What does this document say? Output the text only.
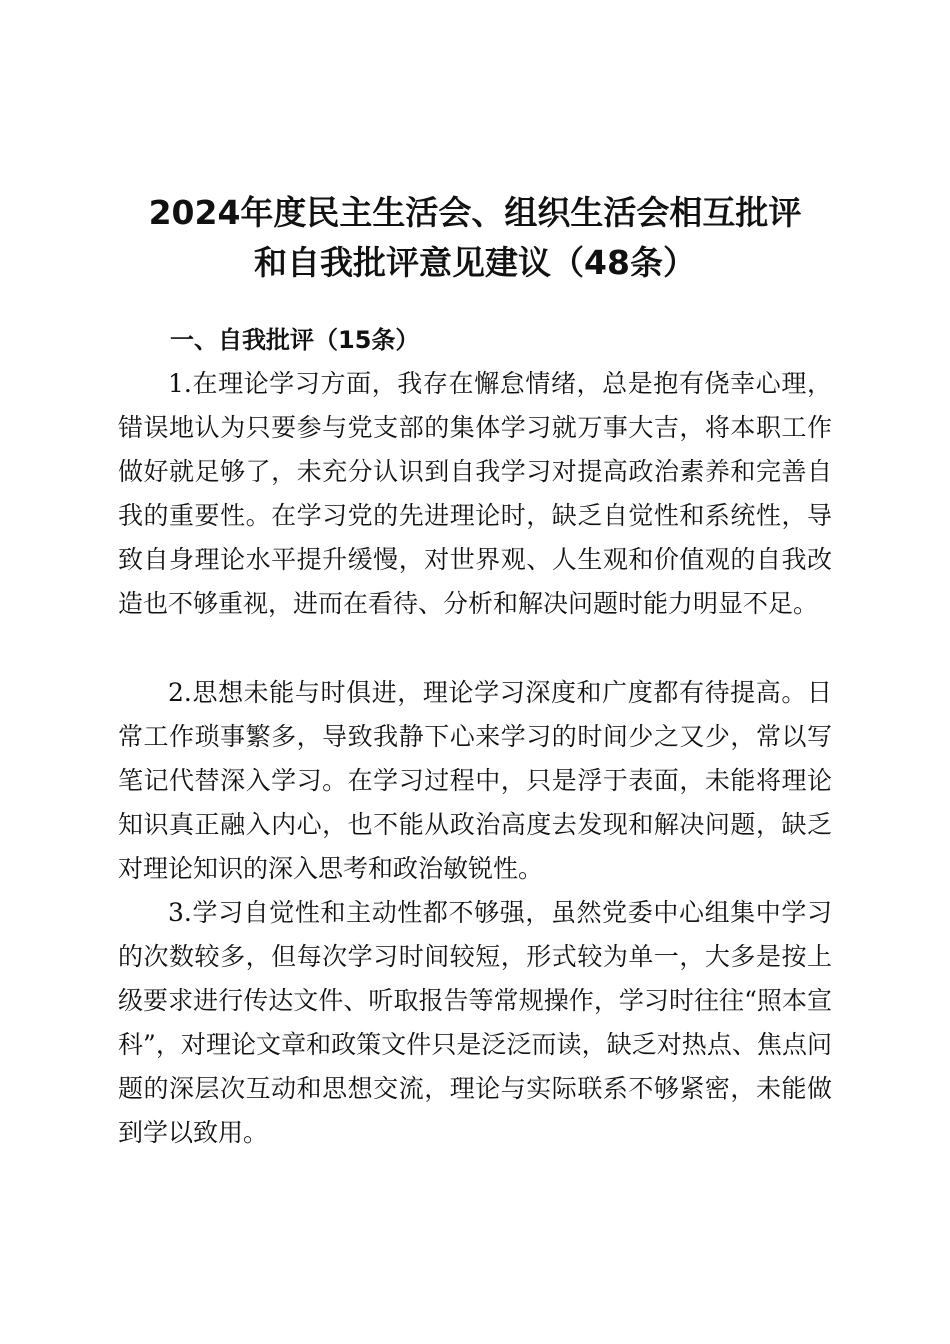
2024年度民主生活会、组织生活会相互批评
和自我批评意见建议（48条）
一、自我批评（15条）

1.在理论学习方面，我存在懈怠情绪，总是抱有侥幸心理，错误地认为只要参与党支部的集体学习就万事大吉，将本职工作做好就足够了，未充分认识到自我学习对提高政治素养和完善自我的重要性。在学习党的先进理论时，缺乏自觉性和系统性，导致自身理论水平提升缓慢，对世界观、人生观和价值观的自我改造也不够重视，进而在看待、分析和解决问题时能力明显不足。

2.思想未能与时俱进，理论学习深度和广度都有待提高。日常工作琐事繁多，导致我静下心来学习的时间少之又少，常以写笔记代替深入学习。在学习过程中，只是浮于表面，未能将理论知识真正融入内心，也不能从政治高度去发现和解决问题，缺乏对理论知识的深入思考和政治敏锐性。

3.学习自觉性和主动性都不够强，虽然党委中心组集中学习的次数较多，但每次学习时间较短，形式较为单一，大多是按上级要求进行传达文件、听取报告等常规操作，学习时往往“照本宣科”，对理论文章和政策文件只是泛泛而读，缺乏对热点、焦点问题的深层次互动和思想交流，理论与实际联系不够紧密，未能做到学以致用。
